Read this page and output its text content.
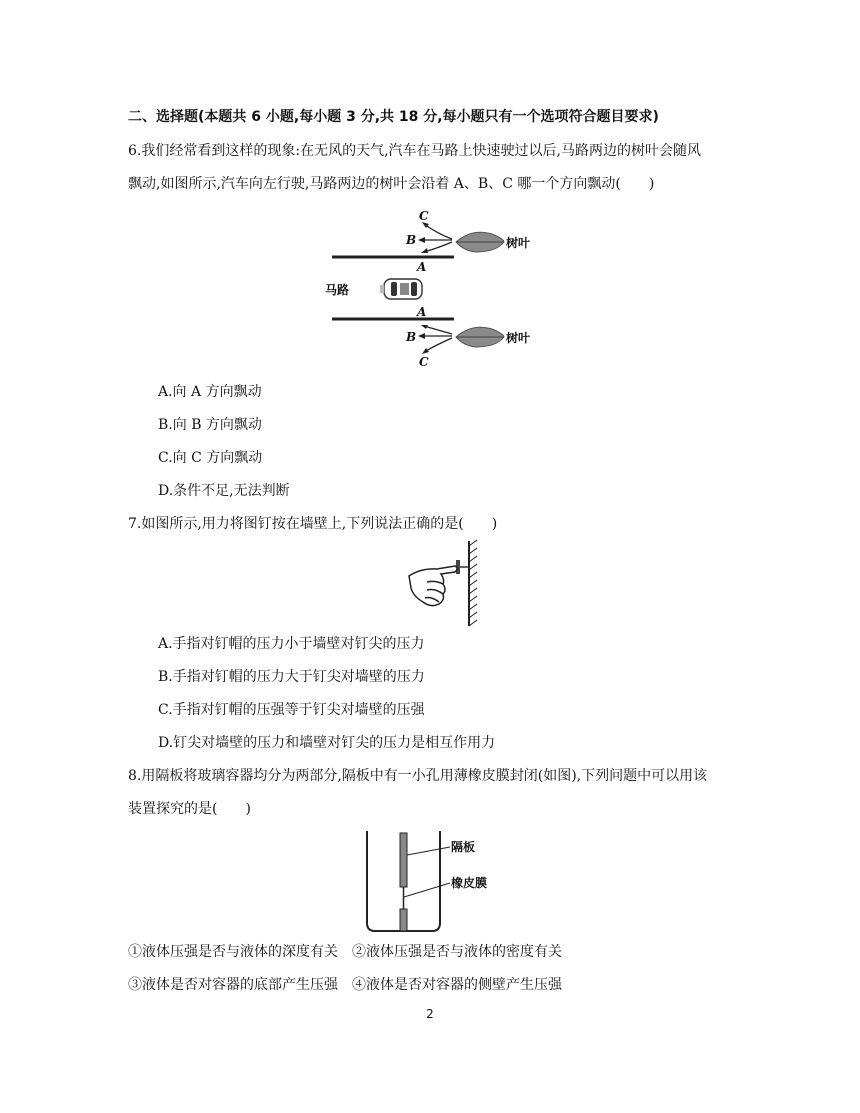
二、选择题(本题共 6 小题,每小题 3 分,共 18 分,每小题只有一个选项符合题目要求)
6.我们经常看到这样的现象:在无风的天气,汽车在马路上快速驶过以后,马路两边的树叶会随风
飘动,如图所示,汽车向左行驶,马路两边的树叶会沿着 A、B、C 哪一个方向飘动(　　)
C
B
A
A
B
C
树叶
树叶
马路
A.向 A 方向飘动
B.向 B 方向飘动
C.向 C 方向飘动
D.条件不足,无法判断
7.如图所示,用力将图钉按在墙壁上,下列说法正确的是(　　)
A.手指对钉帽的压力小于墙壁对钉尖的压力
B.手指对钉帽的压力大于钉尖对墙壁的压力
C.手指对钉帽的压强等于钉尖对墙壁的压强
D.钉尖对墙壁的压力和墙壁对钉尖的压力是相互作用力
8.用隔板将玻璃容器均分为两部分,隔板中有一小孔用薄橡皮膜封闭(如图),下列问题中可以用该
装置探究的是(　　)
隔板
橡皮膜
①液体压强是否与液体的深度有关　②液体压强是否与液体的密度有关
③液体是否对容器的底部产生压强　④液体是否对容器的侧壁产生压强
2
